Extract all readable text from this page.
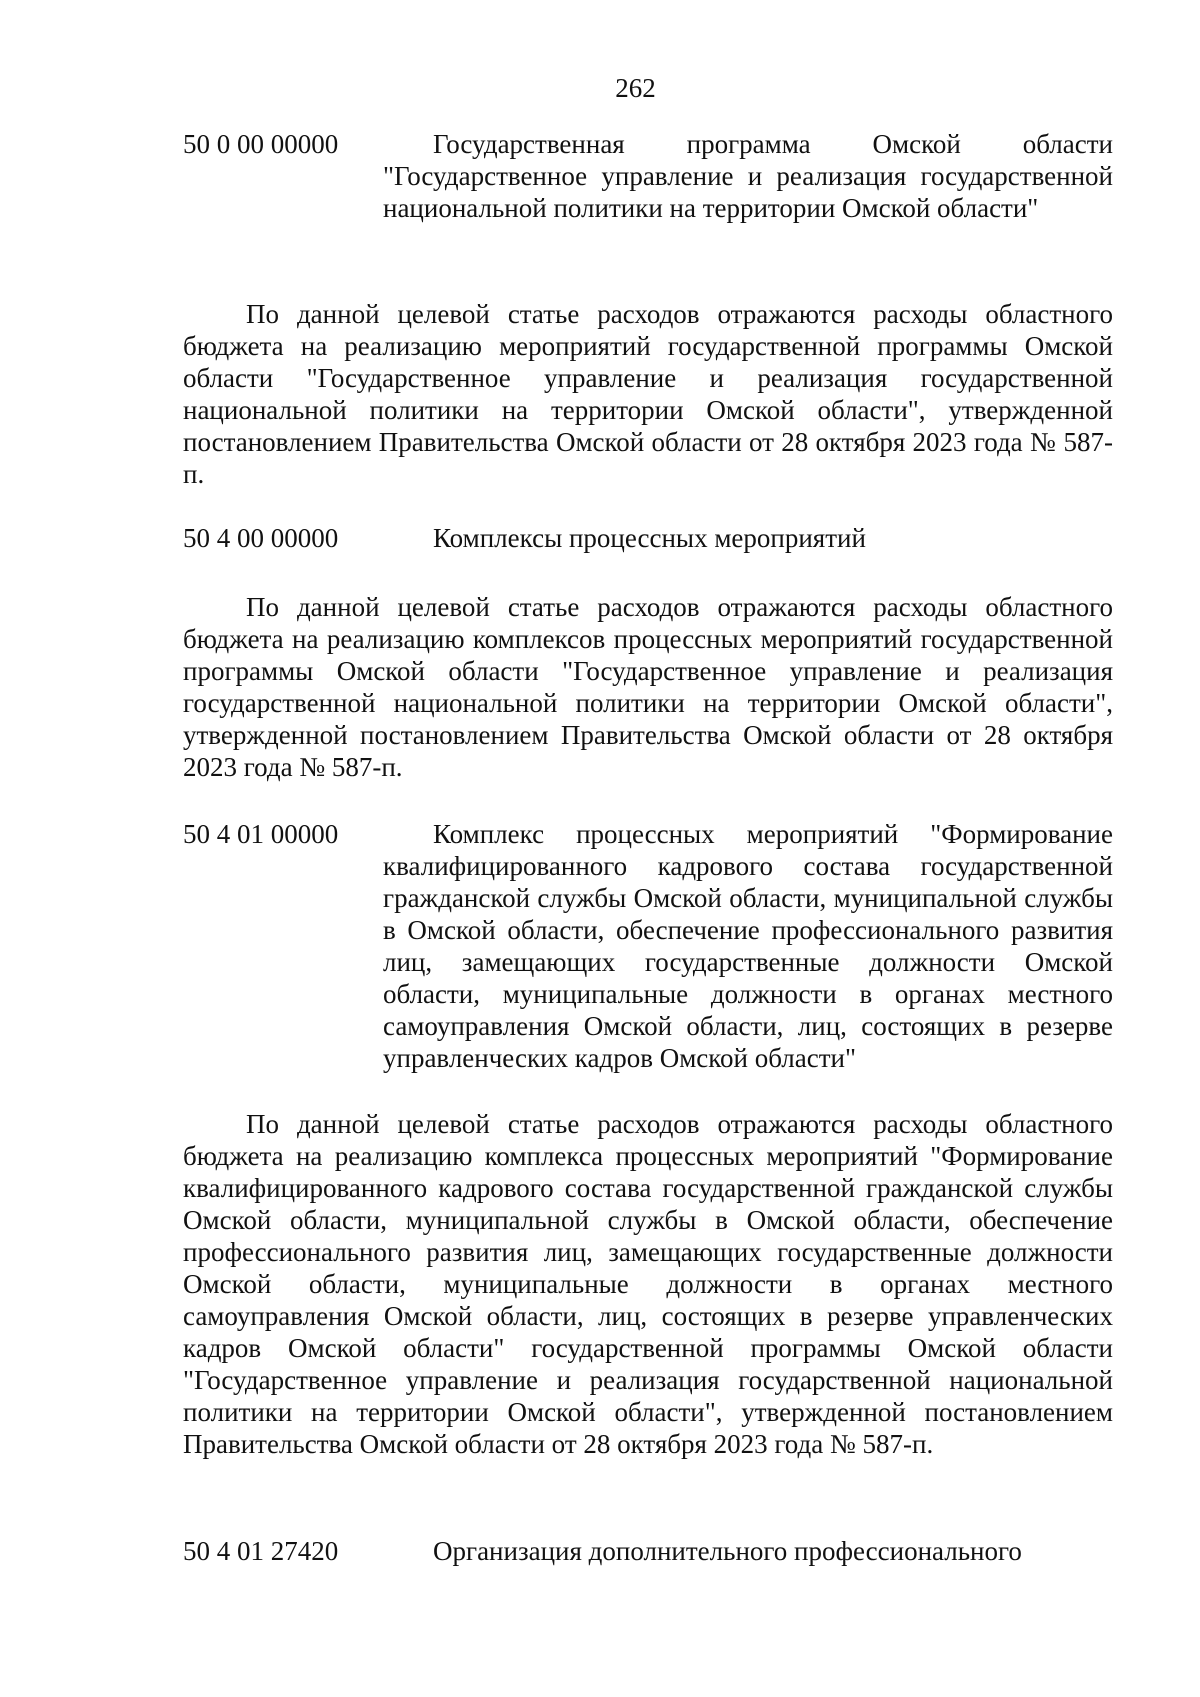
262
50 0 00 00000	Государственная программа Омской области "Государственное управление и реализация государственной национальной политики на территории Омской области"
По данной целевой статье расходов отражаются расходы областного бюджета на реализацию мероприятий государственной программы Омской области "Государственное управление и реализация государственной национальной политики на территории Омской области", утвержденной постановлением Правительства Омской области от 28 октября 2023 года № 587-п.
50 4 00 00000	Комплексы процессных мероприятий
По данной целевой статье расходов отражаются расходы областного бюджета на реализацию комплексов процессных мероприятий государственной программы Омской области "Государственное управление и реализация государственной национальной политики на территории Омской области", утвержденной постановлением Правительства Омской области от 28 октября 2023 года № 587-п.
50 4 01 00000	Комплекс процессных мероприятий "Формирование квалифицированного кадрового состава государственной гражданской службы Омской области, муниципальной службы в Омской области, обеспечение профессионального развития лиц, замещающих государственные должности Омской области, муниципальные должности в органах местного самоуправления Омской области, лиц, состоящих в резерве управленческих кадров Омской области"
По данной целевой статье расходов отражаются расходы областного бюджета на реализацию комплекса процессных мероприятий "Формирование квалифицированного кадрового состава государственной гражданской службы Омской области, муниципальной службы в Омской области, обеспечение профессионального развития лиц, замещающих государственные должности Омской области, муниципальные должности в органах местного самоуправления Омской области, лиц, состоящих в резерве управленческих кадров Омской области" государственной программы Омской области "Государственное управление и реализация государственной национальной политики на территории Омской области", утвержденной постановлением Правительства Омской области от 28 октября 2023 года № 587-п.
50 4 01 27420	Организация дополнительного профессионального
